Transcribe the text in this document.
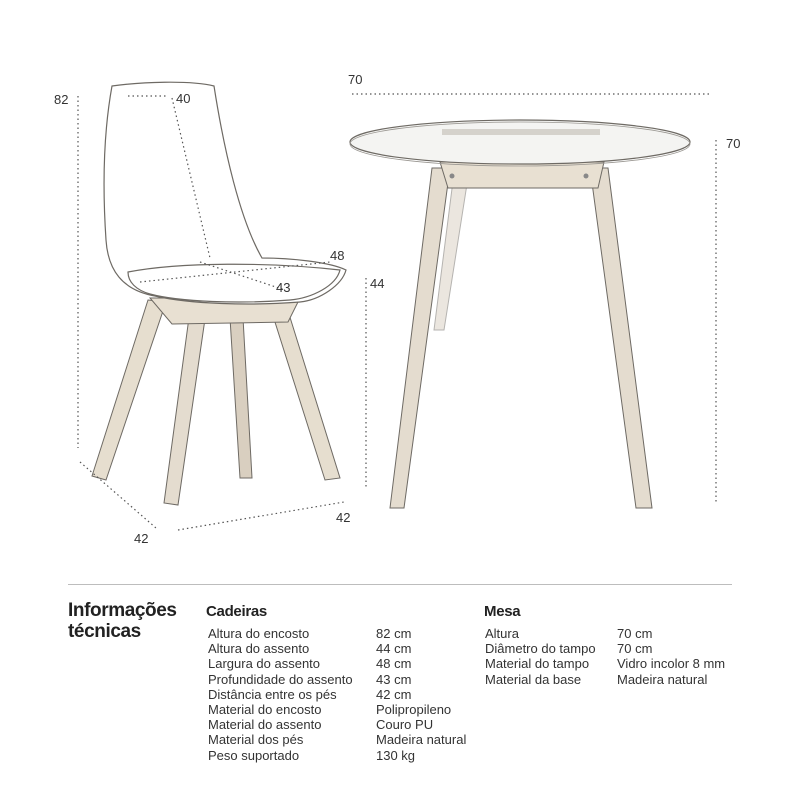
82	40
48
43	44
42
42
70
70
Informações
técnicas
Cadeiras
Altura do encosto	82 cm
Altura do assento	44 cm
Largura do assento	48 cm
Profundidade do assento	43 cm
Distância entre os pés	42 cm
Material do encosto	Polipropileno
Material do assento	Couro PU
Material dos pés	Madeira natural
Peso suportado	130 kg
Mesa
Altura	70 cm
Diâmetro do tampo	70 cm
Material do tampo	Vidro incolor 8 mm
Material da base	Madeira natural
